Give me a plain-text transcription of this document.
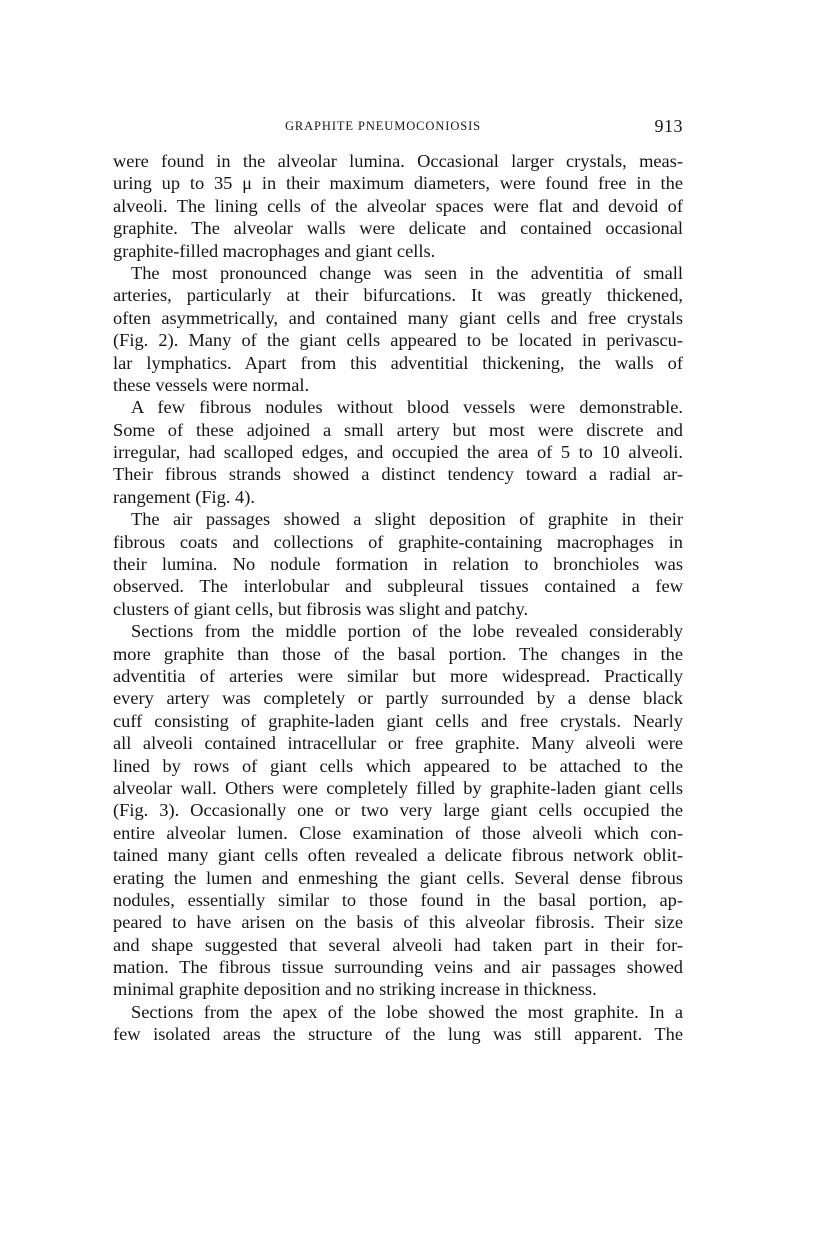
GRAPHITE PNEUMOCONIOSIS	913
were found in the alveolar lumina. Occasional larger crystals, meas-
uring up to 35 μ in their maximum diameters, were found free in the
alveoli. The lining cells of the alveolar spaces were flat and devoid of
graphite. The alveolar walls were delicate and contained occasional
graphite-filled macrophages and giant cells.
The most pronounced change was seen in the adventitia of small
arteries, particularly at their bifurcations. It was greatly thickened,
often asymmetrically, and contained many giant cells and free crystals
(Fig. 2). Many of the giant cells appeared to be located in perivascu-
lar lymphatics. Apart from this adventitial thickening, the walls of
these vessels were normal.
A few fibrous nodules without blood vessels were demonstrable.
Some of these adjoined a small artery but most were discrete and
irregular, had scalloped edges, and occupied the area of 5 to 10 alveoli.
Their fibrous strands showed a distinct tendency toward a radial ar-
rangement (Fig. 4).
The air passages showed a slight deposition of graphite in their
fibrous coats and collections of graphite-containing macrophages in
their lumina. No nodule formation in relation to bronchioles was
observed. The interlobular and subpleural tissues contained a few
clusters of giant cells, but fibrosis was slight and patchy.
Sections from the middle portion of the lobe revealed considerably
more graphite than those of the basal portion. The changes in the
adventitia of arteries were similar but more widespread. Practically
every artery was completely or partly surrounded by a dense black
cuff consisting of graphite-laden giant cells and free crystals. Nearly
all alveoli contained intracellular or free graphite. Many alveoli were
lined by rows of giant cells which appeared to be attached to the
alveolar wall. Others were completely filled by graphite-laden giant cells
(Fig. 3). Occasionally one or two very large giant cells occupied the
entire alveolar lumen. Close examination of those alveoli which con-
tained many giant cells often revealed a delicate fibrous network oblit-
erating the lumen and enmeshing the giant cells. Several dense fibrous
nodules, essentially similar to those found in the basal portion, ap-
peared to have arisen on the basis of this alveolar fibrosis. Their size
and shape suggested that several alveoli had taken part in their for-
mation. The fibrous tissue surrounding veins and air passages showed
minimal graphite deposition and no striking increase in thickness.
Sections from the apex of the lobe showed the most graphite. In a
few isolated areas the structure of the lung was still apparent. The
